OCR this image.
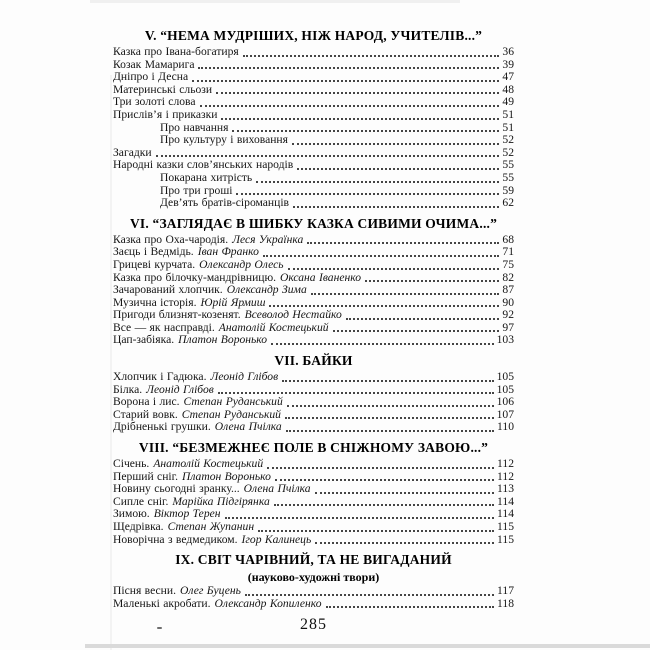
V. “НЕМА МУДРІШИХ, НІЖ НАРОД, УЧИТЕЛІВ...”
Казка про Івана-богатиря	36
Козак Мамарига	39
Дніпро і Десна	47
Материнські сльози	48
Три золоті слова	49
Прислів’я і приказки	51
Про навчання	51
Про культуру і виховання	52
Загадки	52
Народні казки слов’янських народів	55
Покарана хитрість	55
Про три гроші	59
Дев’ять братів-сіроманців	62
VI. “ЗАГЛЯДАЄ В ШИБКУ КАЗКА СИВИМИ ОЧИМА...”
Казка про Оха-чародія. Леся Українка	68
Заєць і Ведмідь. Іван Франко	71
Грицеві курчата. Олександр Олесь	75
Казка про білочку-мандрівницю. Оксана Іваненко	82
Зачарований хлопчик. Олександр Зима	87
Музична історія. Юрій Ярмиш	90
Пригоди близнят-козенят. Всеволод Нестайко	92
Все — як насправді. Анатолій Костецький	97
Цап-забіяка. Платон Воронько	103
VII. БАЙКИ
Хлопчик і Гадюка. Леонід Глібов	105
Білка. Леонід Глібов	105
Ворона і лис. Степан Руданський	106
Старий вовк. Степан Руданський	107
Дрібненькі грушки. Олена Пчілка	110
VIII. “БЕЗМЕЖНЕЄ ПОЛЕ В СНІЖНОМУ ЗАВОЮ...”
Січень. Анатолій Костецький	112
Перший сніг. Платон Воронько	112
Новину сьогодні зранку... Олена Пчілка	113
Сипле сніг. Марійка Підгірянка	114
Зимою. Віктор Терен	114
Щедрівка. Степан Жупанин	115
Новорічна з ведмедиком. Ігор Калинець	115
IX. СВІТ ЧАРІВНИЙ, ТА НЕ ВИГАДАНИЙ
(науково-художні твори)
Пісня весни. Олег Буцень	117
Маленькі акробати. Олександр Копиленко	118
285
